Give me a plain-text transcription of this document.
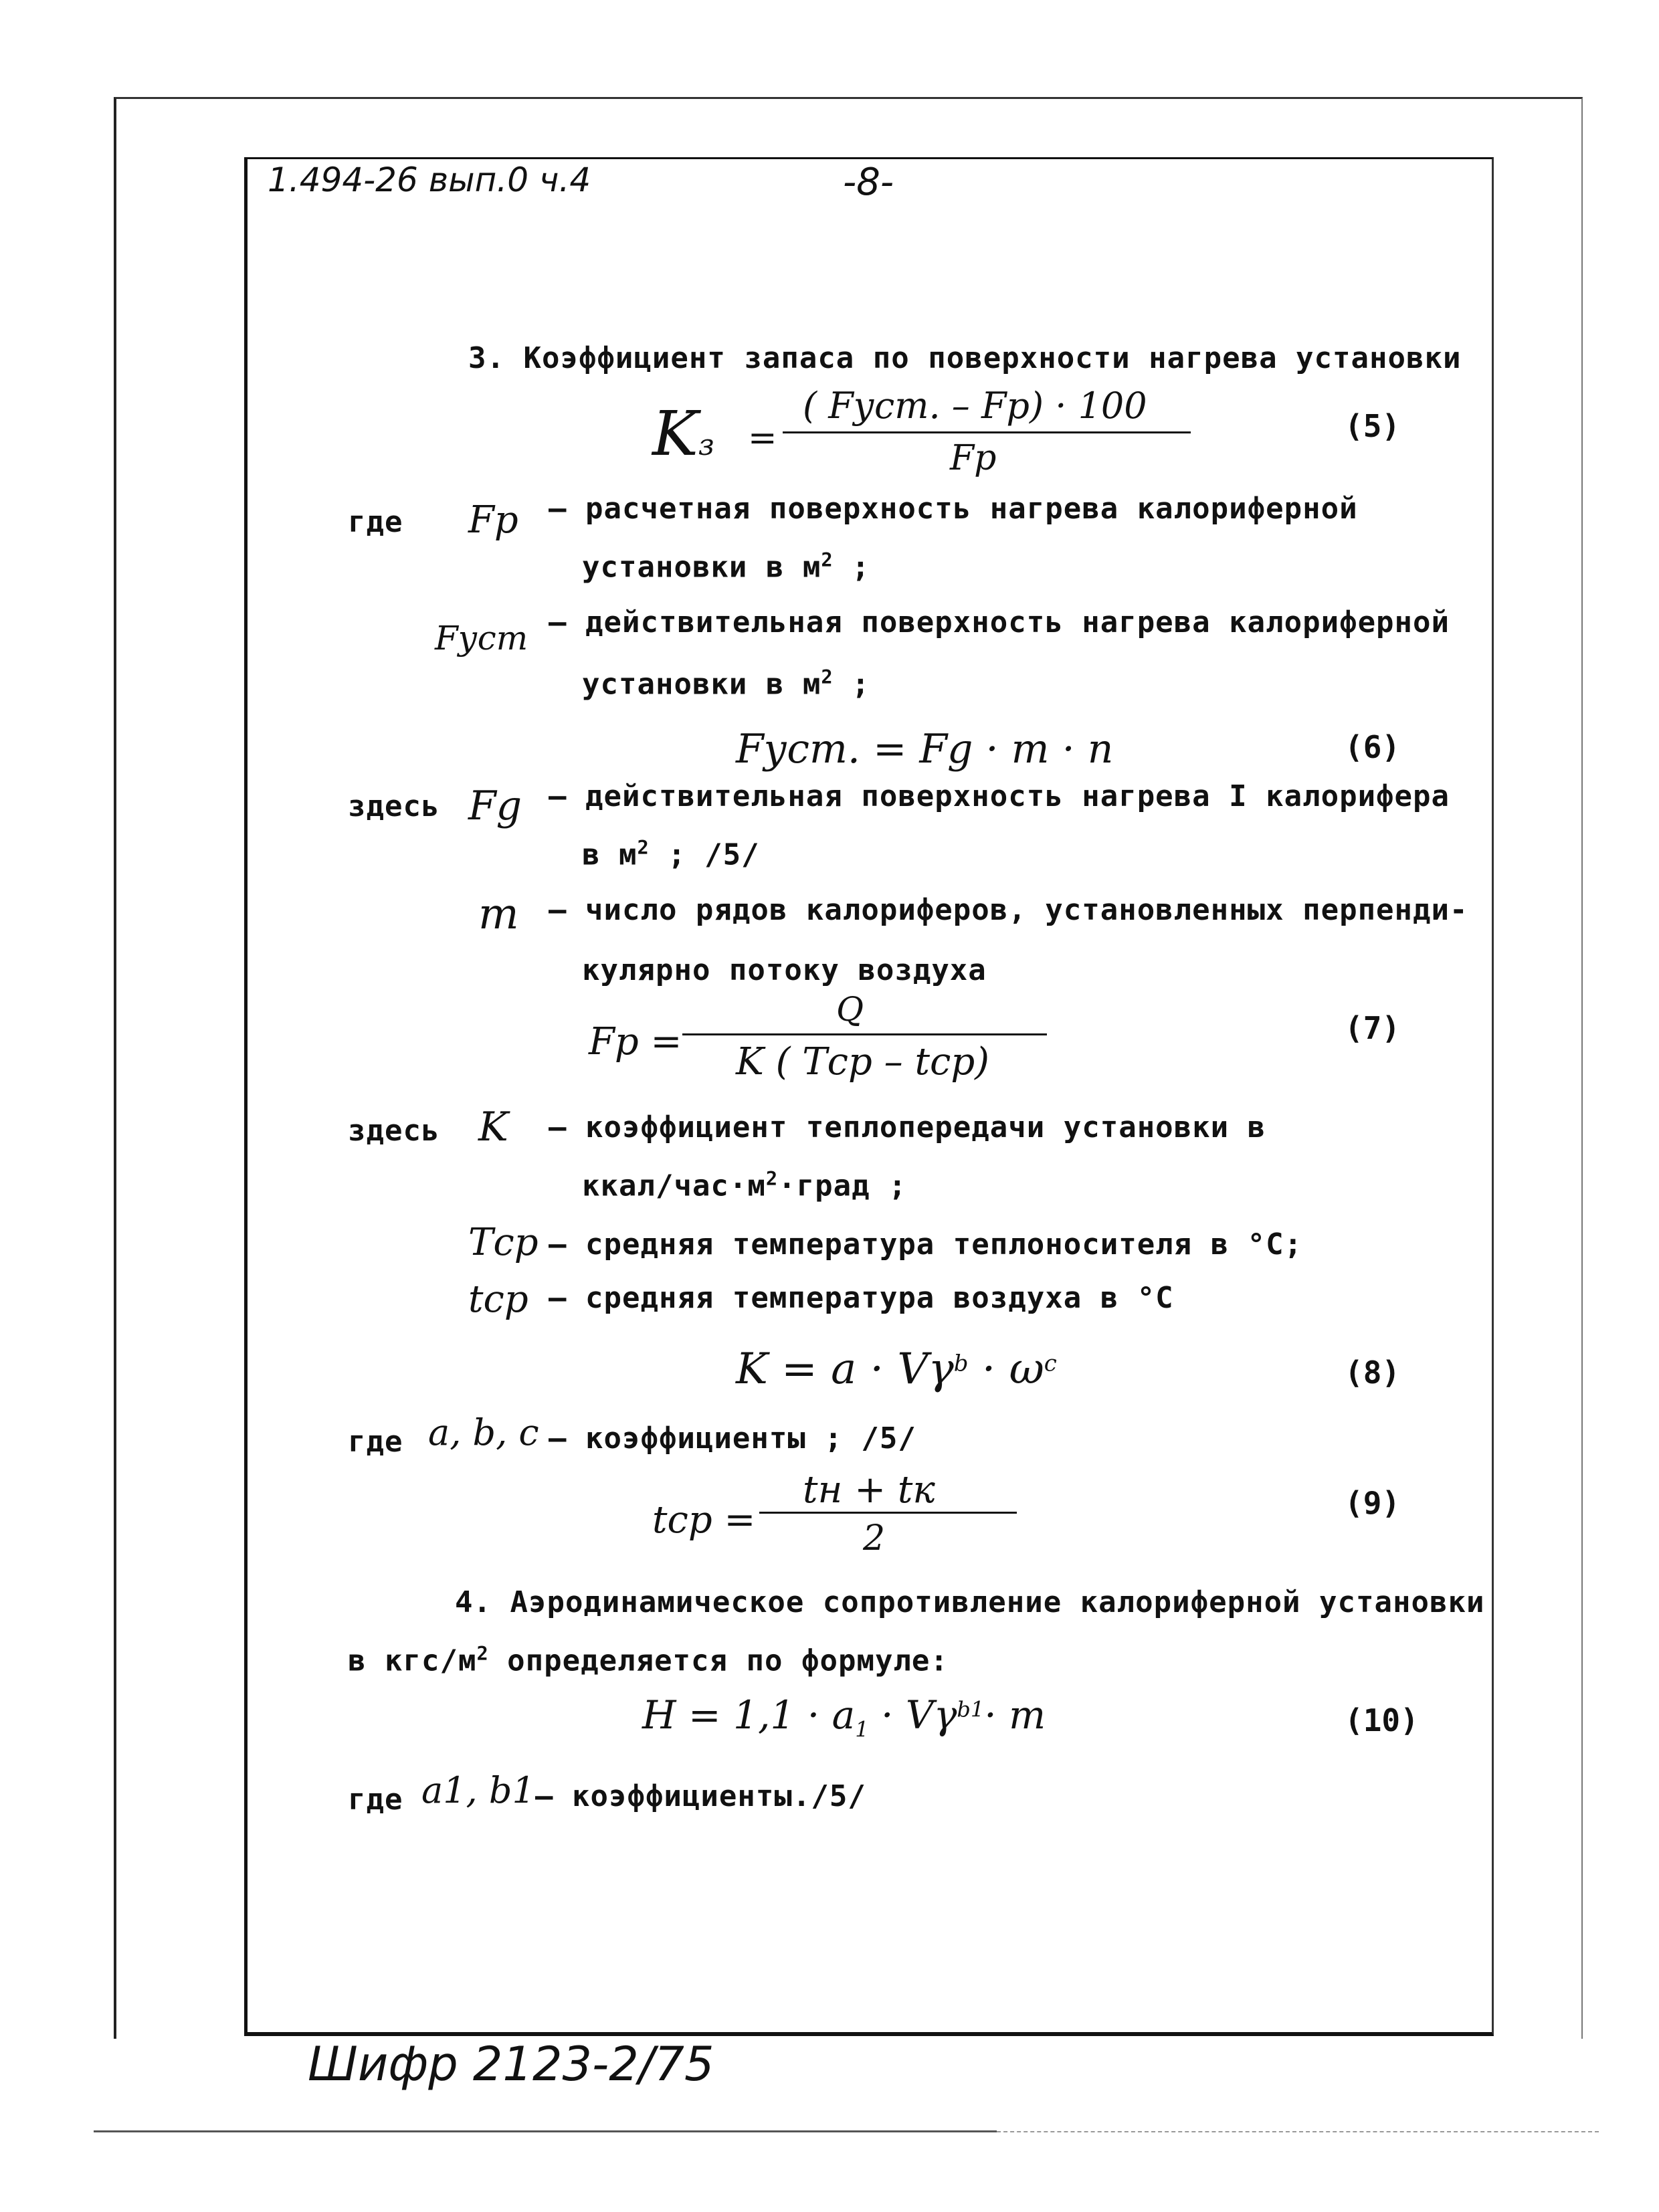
1.494-26 вып.0 ч.4	-8-
3. Коэффициент запаса по поверхности нагрева установки
Kз =
( Fуст. – Fр) · 100
Fр
(5)
где Fр – расчетная поверхность нагрева калориферной
установки в $м^2$ ;
Fуст – действительная поверхность нагрева калориферной
установки в $м^2$ ;
Fуст. = Fg · m · n	(6)
здесь Fg – действительная поверхность нагрева I калорифера
в $м^2$ ; /5/
m – число рядов калориферов, установленных перпенди-
кулярно потоку воздуха
Fр =
Q
K ( Tср – tср)
(7)
здесь K – коэффициент теплопередачи установки в
ккал/$час\cdot м^2\cdot град$ ;
Tср – средняя температура теплоносителя в °С;
tср – средняя температура воздуха в °С
$K = a \cdot V\gamma^b \cdot \omega^c$	(8)
где a, b, c – коэффициенты ; /5/
tср =
tн + tк
2
(9)
4. Аэродинамическое сопротивление калориферной установки
в кгс/$м^2$ определяется по формуле:
$H = 1,1 \cdot a_1 \cdot V\gamma^{b1}\cdot m$	(10)
где a1, b1 – коэффициенты./5/
Шифр 2123-2/75
